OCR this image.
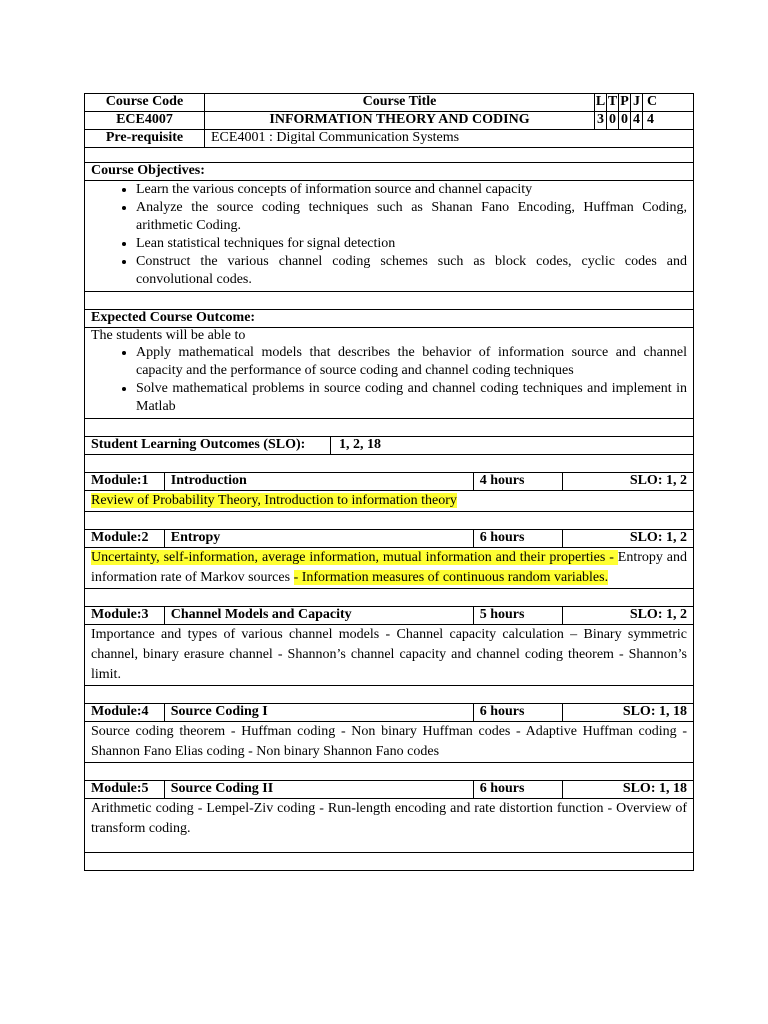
Course Code	Course Title	L T P J C
ECE4007	INFORMATION THEORY AND CODING	3 0 0 4 4
Pre-requisite	ECE4001 : Digital Communication Systems
Course Objectives:
• Learn the various concepts of information source and channel capacity
• Analyze the source coding techniques such as Shanan Fano Encoding, Huffman Coding, arithmetic Coding.
• Lean statistical techniques for signal detection
• Construct the various channel coding schemes such as block codes, cyclic codes and convolutional codes.
Expected Course Outcome:
The students will be able to
• Apply mathematical models that describes the behavior of information source and channel capacity and the performance of source coding and channel coding techniques
• Solve mathematical problems in source coding and channel coding techniques and implement in Matlab
Student Learning Outcomes (SLO):	1, 2, 18
Module:1	Introduction	4 hours	SLO: 1, 2
Review of Probability Theory, Introduction to information theory
Module:2	Entropy	6 hours	SLO: 1, 2
Uncertainty, self-information, average information, mutual information and their properties - Entropy and information rate of Markov sources - Information measures of continuous random variables.
Module:3	Channel Models and Capacity	5 hours	SLO: 1, 2
Importance and types of various channel models - Channel capacity calculation – Binary symmetric channel, binary erasure channel - Shannon’s channel capacity and channel coding theorem - Shannon’s limit.
Module:4	Source Coding I	6 hours	SLO: 1, 18
Source coding theorem - Huffman coding - Non binary Huffman codes - Adaptive Huffman coding - Shannon Fano Elias coding - Non binary Shannon Fano codes
Module:5	Source Coding II	6 hours	SLO: 1, 18
Arithmetic coding - Lempel-Ziv coding - Run-length encoding and rate distortion function - Overview of transform coding.
